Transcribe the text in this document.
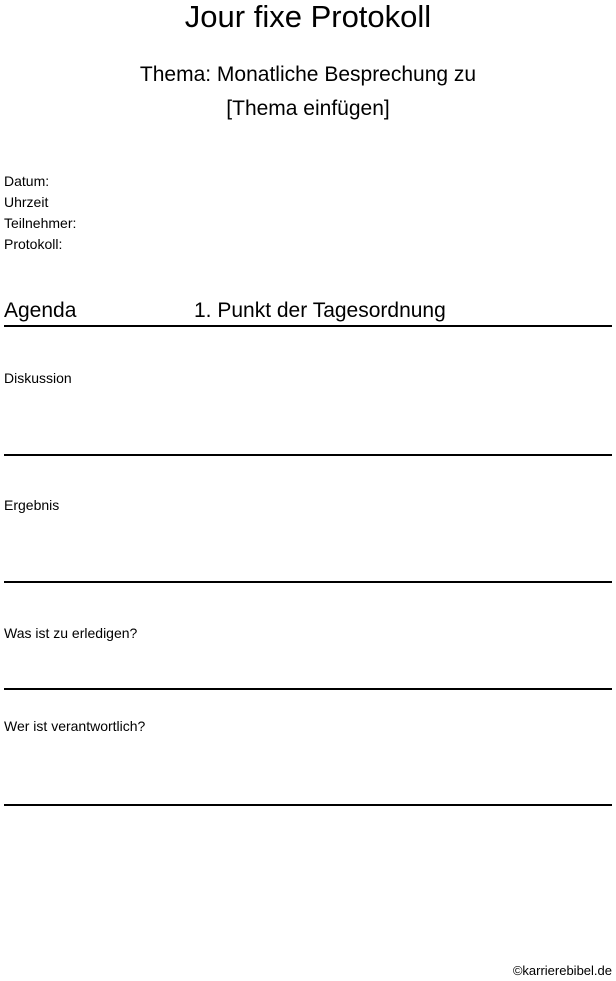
Jour fixe Protokoll
Thema: Monatliche Besprechung zu
[Thema einfügen]
Datum:
Uhrzeit
Teilnehmer:
Protokoll:
Agenda	1. Punkt der Tagesordnung
Diskussion
Ergebnis
Was ist zu erledigen?
Wer ist verantwortlich?
©karrierebibel.de
